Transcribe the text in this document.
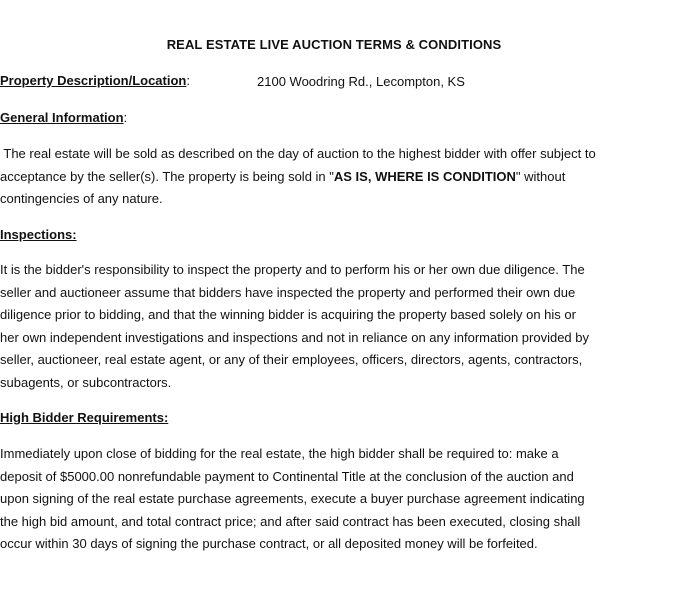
REAL ESTATE LIVE AUCTION TERMS & CONDITIONS
Property Description/Location:	2100 Woodring Rd., Lecompton, KS
General Information:
The real estate will be sold as described on the day of auction to the highest bidder with offer subject to
acceptance by the seller(s). The property is being sold in "AS IS, WHERE IS CONDITION" without
contingencies of any nature.
Inspections:
It is the bidder's responsibility to inspect the property and to perform his or her own due diligence. The
seller and auctioneer assume that bidders have inspected the property and performed their own due
diligence prior to bidding, and that the winning bidder is acquiring the property based solely on his or
her own independent investigations and inspections and not in reliance on any information provided by
seller, auctioneer, real estate agent, or any of their employees, officers, directors, agents, contractors,
subagents, or subcontractors.
High Bidder Requirements:
Immediately upon close of bidding for the real estate, the high bidder shall be required to: make a
deposit of $5000.00 nonrefundable payment to Continental Title at the conclusion of the auction and
upon signing of the real estate purchase agreements, execute a buyer purchase agreement indicating
the high bid amount, and total contract price; and after said contract has been executed, closing shall
occur within 30 days of signing the purchase contract, or all deposited money will be forfeited.
